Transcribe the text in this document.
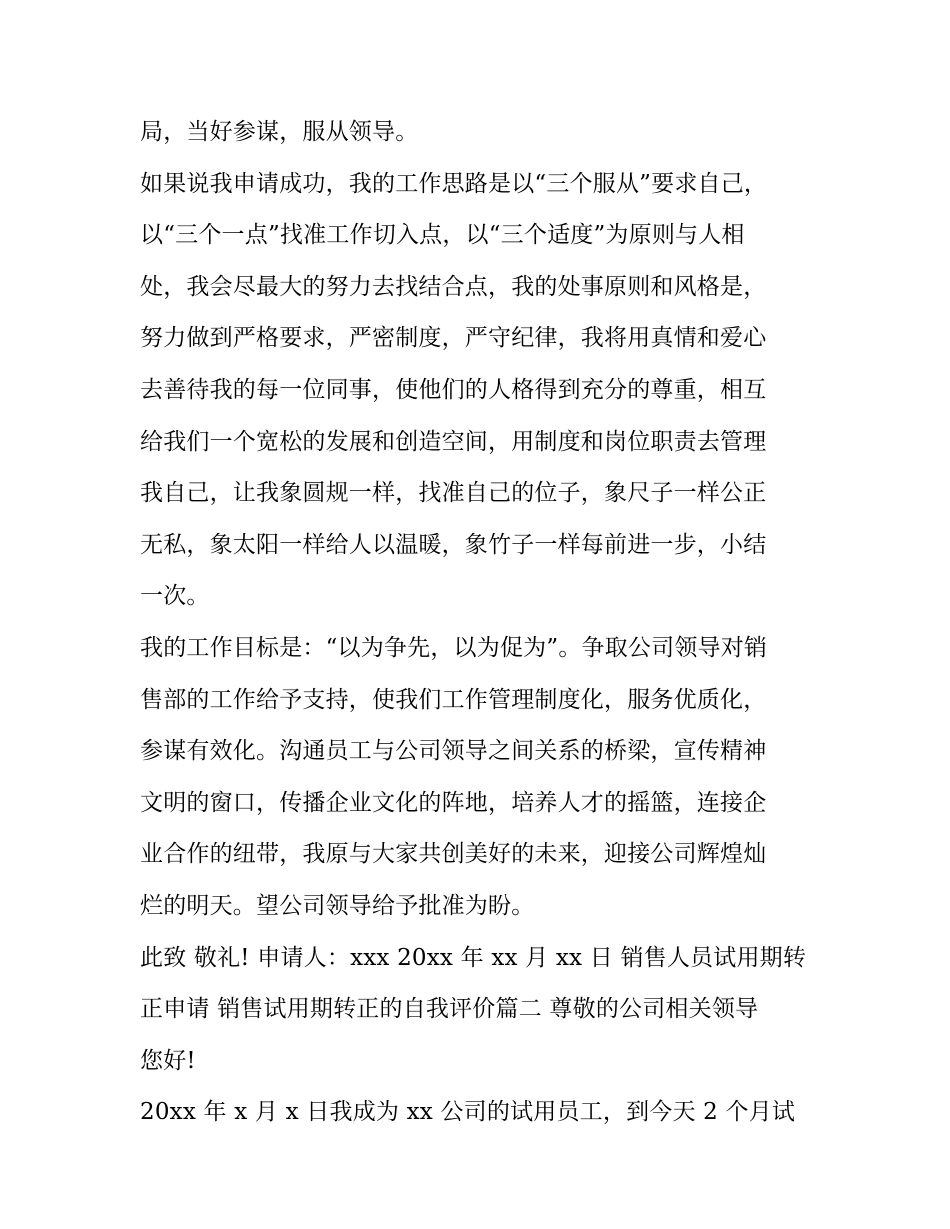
局，当好参谋，服从领导。
如果说我申请成功，我的工作思路是以“三个服从”要求自己，
以“三个一点”找准工作切入点，以“三个适度”为原则与人相
处，我会尽最大的努力去找结合点，我的处事原则和风格是，
努力做到严格要求，严密制度，严守纪律，我将用真情和爱心
去善待我的每一位同事，使他们的人格得到充分的尊重，相互
给我们一个宽松的发展和创造空间，用制度和岗位职责去管理
我自己，让我象圆规一样，找准自己的位子，象尺子一样公正
无私，象太阳一样给人以温暖，象竹子一样每前进一步，小结
一次。
我的工作目标是：“以为争先，以为促为”。争取公司领导对销
售部的工作给予支持，使我们工作管理制度化，服务优质化，
参谋有效化。沟通员工与公司领导之间关系的桥梁，宣传精神
文明的窗口，传播企业文化的阵地，培养人才的摇篮，连接企
业合作的纽带，我原与大家共创美好的未来，迎接公司辉煌灿
烂的明天。望公司领导给予批准为盼。
此致 敬礼! 申请人：xxx 20xx 年 xx 月 xx 日 销售人员试用期转
正申请 销售试用期转正的自我评价篇二 尊敬的公司相关领导
您好!
20xx 年 x 月 x 日我成为 xx 公司的试用员工，到今天 2 个月试
